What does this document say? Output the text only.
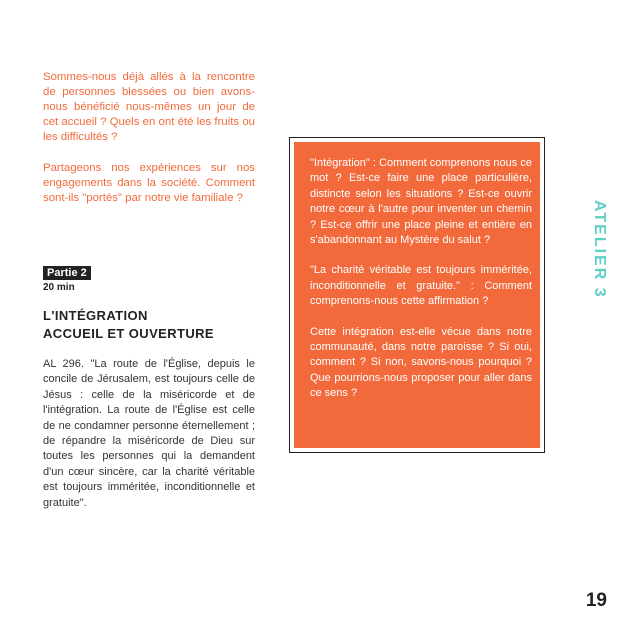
Sommes-nous déjà allés à la rencontre de personnes blessées ou bien avons-nous bénéficié nous-mêmes un jour de cet accueil ? Quels en ont été les fruits ou les difficultés ?

Partageons nos expériences sur nos engagements dans la société. Comment sont-ils "portés" par notre vie familiale ?

Partie 2
20 min
L'INTÉGRATION
ACCUEIL ET OUVERTURE

AL 296. "La route de l'Église, depuis le concile de Jérusalem, est toujours celle de Jésus : celle de la miséricorde et de l'intégration. La route de l'Église est celle de ne condamner personne éternellement ; de répandre la miséricorde de Dieu sur toutes les personnes qui la demandent d'un cœur sincère, car la charité véritable est toujours imméritée, inconditionnelle et gratuite".

"Intégration" : Comment comprenons nous ce mot ? Est-ce faire une place particulière, distincte selon les situations ? Est-ce ouvrir notre cœur à l'autre pour inventer un chemin ? Est-ce offrir une place pleine et entière en s'abandonnant au Mystère du salut ?

"La charité véritable est toujours imméritée, inconditionnelle et gratuite." : Comment comprenons-nous cette affirmation ?

Cette intégration est-elle vécue dans notre communauté, dans notre paroisse ? Si oui, comment ? Si non, savons-nous pourquoi ? Que pourrions-nous proposer pour aller dans ce sens ?

ATELIER 3
19
